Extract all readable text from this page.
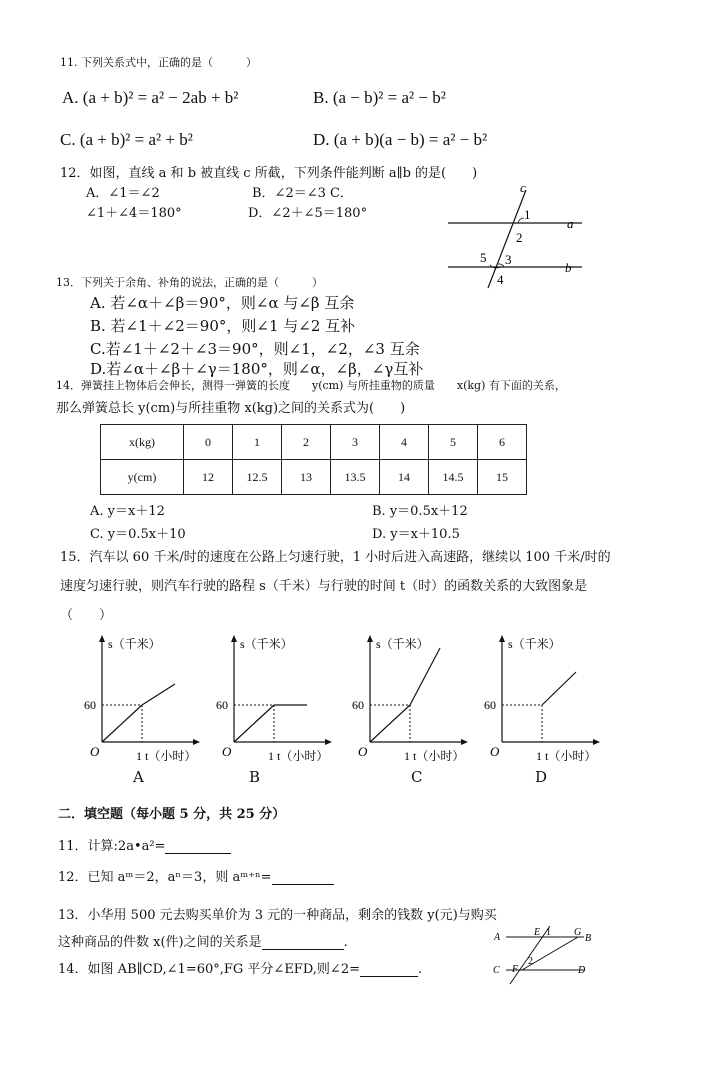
11. 下列关系式中，正确的是（　　　）
A. (a + b)² = a² − 2ab + b²	B. (a − b)² = a² − b²
C. (a + b)² = a² + b²	D. (a + b)(a − b) = a² − b²
12．如图，直线 a 和 b 被直线 c 所截，下列条件能判断 a∥b 的是(　　)
A．∠1＝∠2	B．∠2＝∠3 C．
∠1＋∠4＝180°	D．∠2＋∠5＝180°
c
1
2
a
5 3
4
b
13．下列关于余角、补角的说法，正确的是（　　　）
A. 若∠α＋∠β＝90°，则∠α 与∠β 互余
B. 若∠1＋∠2＝90°，则∠1 与∠2 互补
C.若∠1＋∠2＋∠3＝90°，则∠1，∠2，∠3 互余
D.若∠α＋∠β＋∠γ＝180°，则∠α，∠β，∠γ互补
14．弹簧挂上物体后会伸长，测得一弹簧的长度　　y(cm) 与所挂重物的质量　　x(kg) 有下面的关系，
那么弹簧总长 y(cm)与所挂重物 x(kg)之间的关系式为(　　)
x(kg)	0	1	2	3	4	5	6
y(cm)	12	12.5	13	13.5	14	14.5	15
A. y＝x＋12	B. y＝0.5x＋12
C. y＝0.5x＋10	D. y＝x＋10.5
15．汽车以 60 千米/时的速度在公路上匀速行驶，1 小时后进入高速路，继续以 100 千米/时的
速度匀速行驶，则汽车行驶的路程 s（千米）与行驶的时间 t（时）的函数关系的大致图象是
（　　）
s（千米）
60
O	1 t（小时）
s（千米）
60
O	1 t（小时）
s（千米）
60
O	1 t（小时）
s（千米）
60
O	1 t（小时）
A	B	C	D
二．填空题（每小题 5 分，共 25 分）
11．计算:2a•a²=
12．已知 aᵐ＝2，aⁿ＝3，则 aᵐ⁺ⁿ=
13．小华用 500 元去购买单价为 3 元的一种商品，剩余的钱数 y(元)与购买
这种商品的件数 x(件)之间的关系是	.
14．如图 AB∥CD,∠1=60°,FG 平分∠EFD,则∠2=	.
A	E 1 G
B
C F
2
D
